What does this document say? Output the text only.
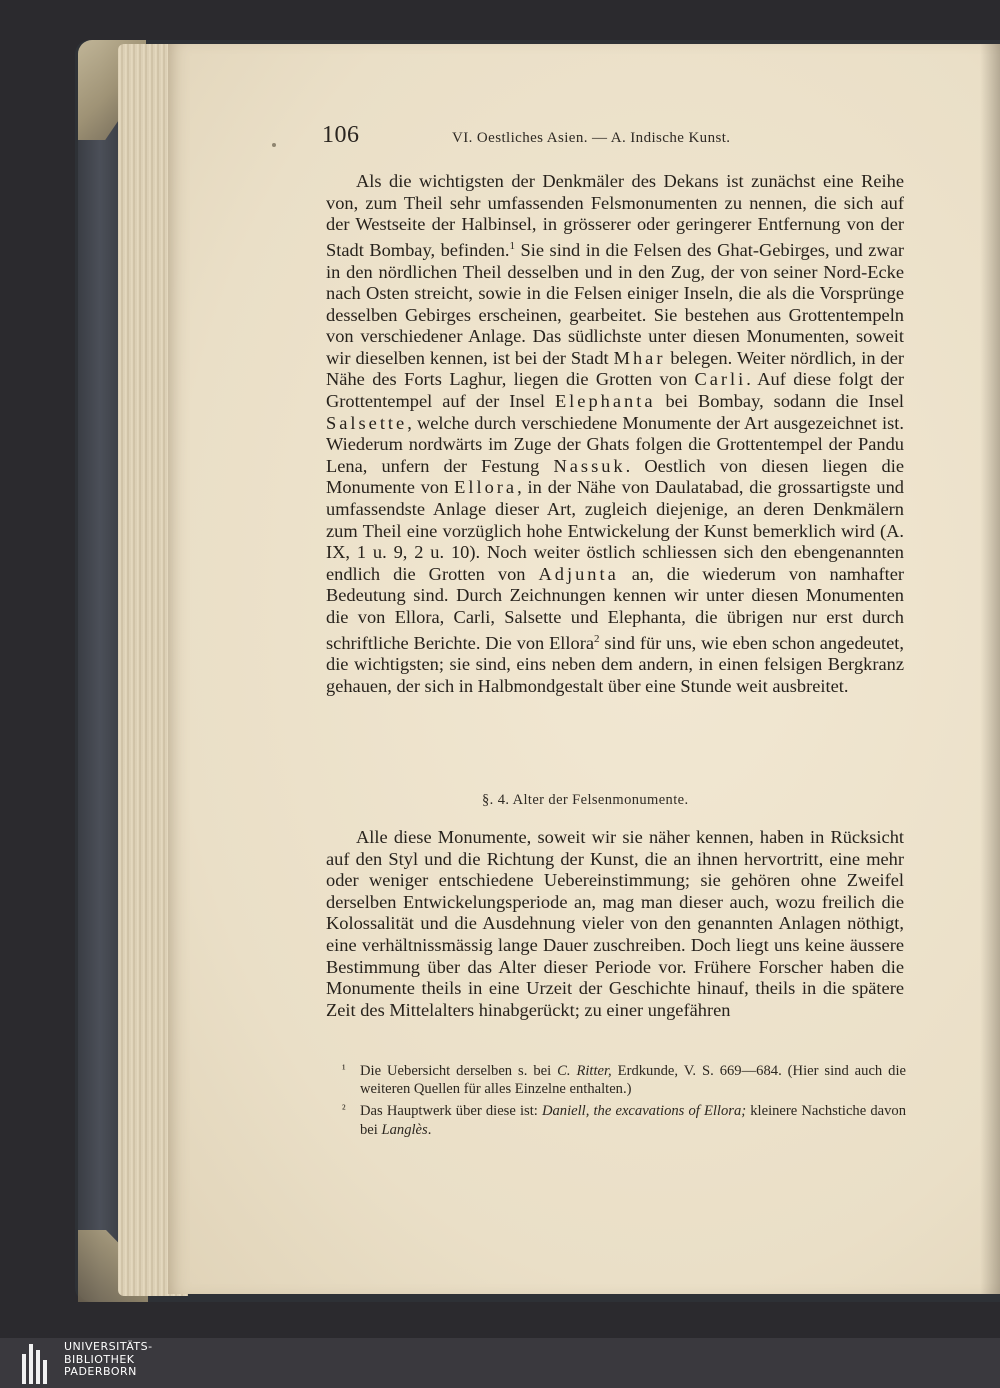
106	VI. Oestliches Asien. — A. Indische Kunst.

Als die wichtigsten der Denkmäler des Dekans ist zunächst eine Reihe von, zum Theil sehr umfassenden Felsmonumenten zu nennen, die sich auf der Westseite der Halbinsel, in grösserer oder geringerer Entfernung von der Stadt Bombay, befinden.$^1$ Sie sind in die Felsen des Ghat-Gebirges, und zwar in den nördlichen Theil desselben und in den Zug, der von seiner Nord-Ecke nach Osten streicht, sowie in die Felsen einiger Inseln, die als die Vorsprünge desselben Gebirges erscheinen, gearbeitet. Sie bestehen aus Grottentempeln von verschiedener Anlage. Das südlichste unter diesen Monumenten, soweit wir dieselben kennen, ist bei der Stadt Mhar belegen. Weiter nördlich, in der Nähe des Forts Laghur, liegen die Grotten von Carli. Auf diese folgt der Grottentempel auf der Insel Elephanta bei Bombay, sodann die Insel Salsette, welche durch verschiedene Monumente der Art ausgezeichnet ist. Wiederum nordwärts im Zuge der Ghats folgen die Grottentempel der Pandu Lena, unfern der Festung Nassuk. Oestlich von diesen liegen die Monumente von Ellora, in der Nähe von Daulatabad, die grossartigste und umfassendste Anlage dieser Art, zugleich diejenige, an deren Denkmälern zum Theil eine vorzüglich hohe Entwickelung der Kunst bemerklich wird (A. IX, 1 u. 9, 2 u. 10). Noch weiter östlich schliessen sich den ebengenannten endlich die Grotten von Adjunta an, die wiederum von namhafter Bedeutung sind. Durch Zeichnungen kennen wir unter diesen Monumenten die von Ellora, Carli, Salsette und Elephanta, die übrigen nur erst durch schriftliche Berichte. Die von Ellora$^2$ sind für uns, wie eben schon angedeutet, die wichtigsten; sie sind, eins neben dem andern, in einen felsigen Bergkranz gehauen, der sich in Halbmondgestalt über eine Stunde weit ausbreitet.

§. 4. Alter der Felsenmonumente.

Alle diese Monumente, soweit wir sie näher kennen, haben in Rücksicht auf den Styl und die Richtung der Kunst, die an ihnen hervortritt, eine mehr oder weniger entschiedene Uebereinstimmung; sie gehören ohne Zweifel derselben Entwickelungsperiode an, mag man dieser auch, wozu freilich die Kolossalität und die Ausdehnung vieler von den genannten Anlagen nöthigt, eine verhältnissmässig lange Dauer zuschreiben. Doch liegt uns keine äussere Bestimmung über das Alter dieser Periode vor. Frühere Forscher haben die Monumente theils in eine Urzeit der Geschichte hinauf, theils in die spätere Zeit des Mittelalters hinabgerückt; zu einer ungefähren

¹ Die Uebersicht derselben s. bei C. Ritter, Erdkunde, V. S. 669—684. (Hier sind auch die weiteren Quellen für alles Einzelne enthalten.)
² Das Hauptwerk über diese ist: Daniell, the excavations of Ellora; kleinere Nachstiche davon bei Langlès.
UNIVERSITÄTS-
BIBLIOTHEK
PADERBORN
